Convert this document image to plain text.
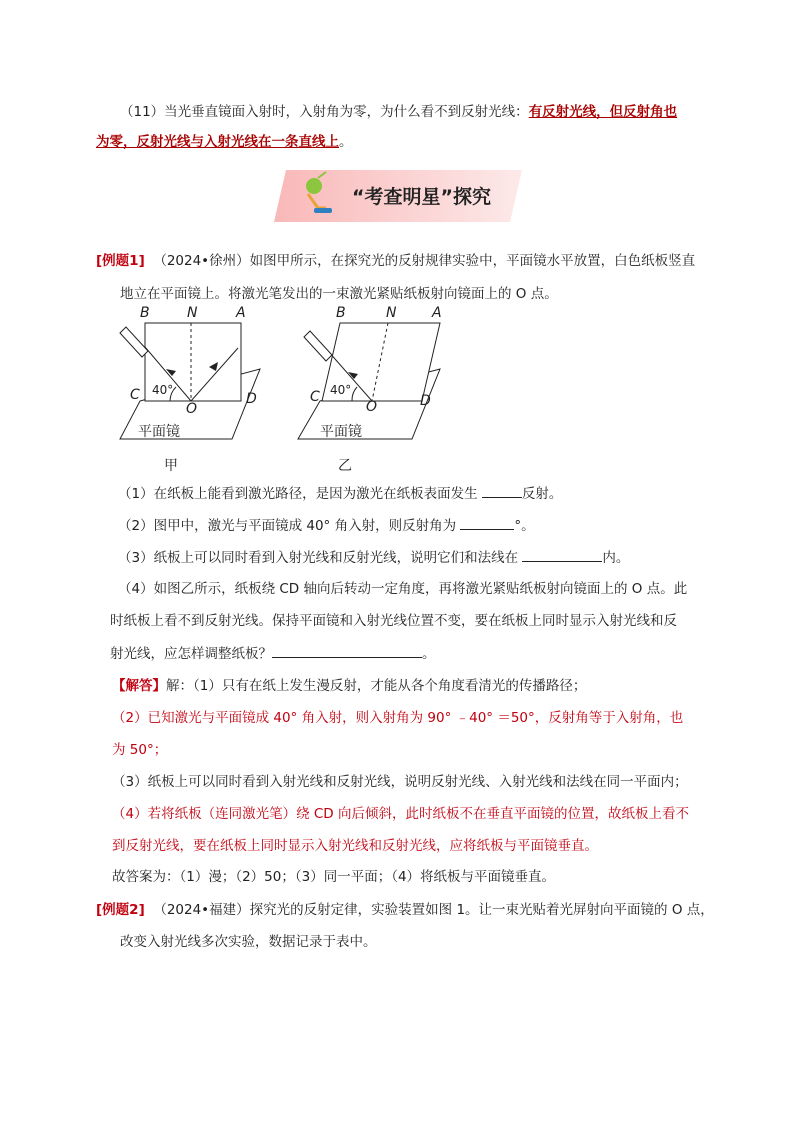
（11）当光垂直镜面入射时，入射角为零，为什么看不到反射光线：有反射光线，但反射角也
为零，反射光线与入射光线在一条直线上。
“考查明星”探究
[例题1] （2024•徐州）如图甲所示，在探究光的反射规律实验中，平面镜水平放置，白色纸板竖直
地立在平面镜上。将激光笔发出的一束激光紧贴纸板射向镜面上的 O 点。
B	N	A
C
O
D
40°
平面镜
甲
B	N	A
C
O	D
40°
平面镜
乙
（1）在纸板上能看到激光路径，是因为激光在纸板表面发生	反射。
（2）图甲中，激光与平面镜成 40° 角入射，则反射角为	°。
（3）纸板上可以同时看到入射光线和反射光线，说明它们和法线在	内。
（4）如图乙所示，纸板绕 CD 轴向后转动一定角度，再将激光紧贴纸板射向镜面上的 O 点。此
时纸板上看不到反射光线。保持平面镜和入射光线位置不变，要在纸板上同时显示入射光线和反
射光线，应怎样调整纸板？	。
【解答】解：（1）只有在纸上发生漫反射，才能从各个角度看清光的传播路径；
（2）已知激光与平面镜成 40° 角入射，则入射角为 90° ﹣40° ＝50°，反射角等于入射角，也
为 50°；
（3）纸板上可以同时看到入射光线和反射光线，说明反射光线、入射光线和法线在同一平面内；
（4）若将纸板（连同激光笔）绕 CD 向后倾斜，此时纸板不在垂直平面镜的位置，故纸板上看不
到反射光线，要在纸板上同时显示入射光线和反射光线，应将纸板与平面镜垂直。
故答案为：（1）漫；（2）50；（3）同一平面；（4）将纸板与平面镜垂直。
[例题2] （2024•福建）探究光的反射定律，实验装置如图 1。让一束光贴着光屏射向平面镜的 O 点，
改变入射光线多次实验，数据记录于表中。
